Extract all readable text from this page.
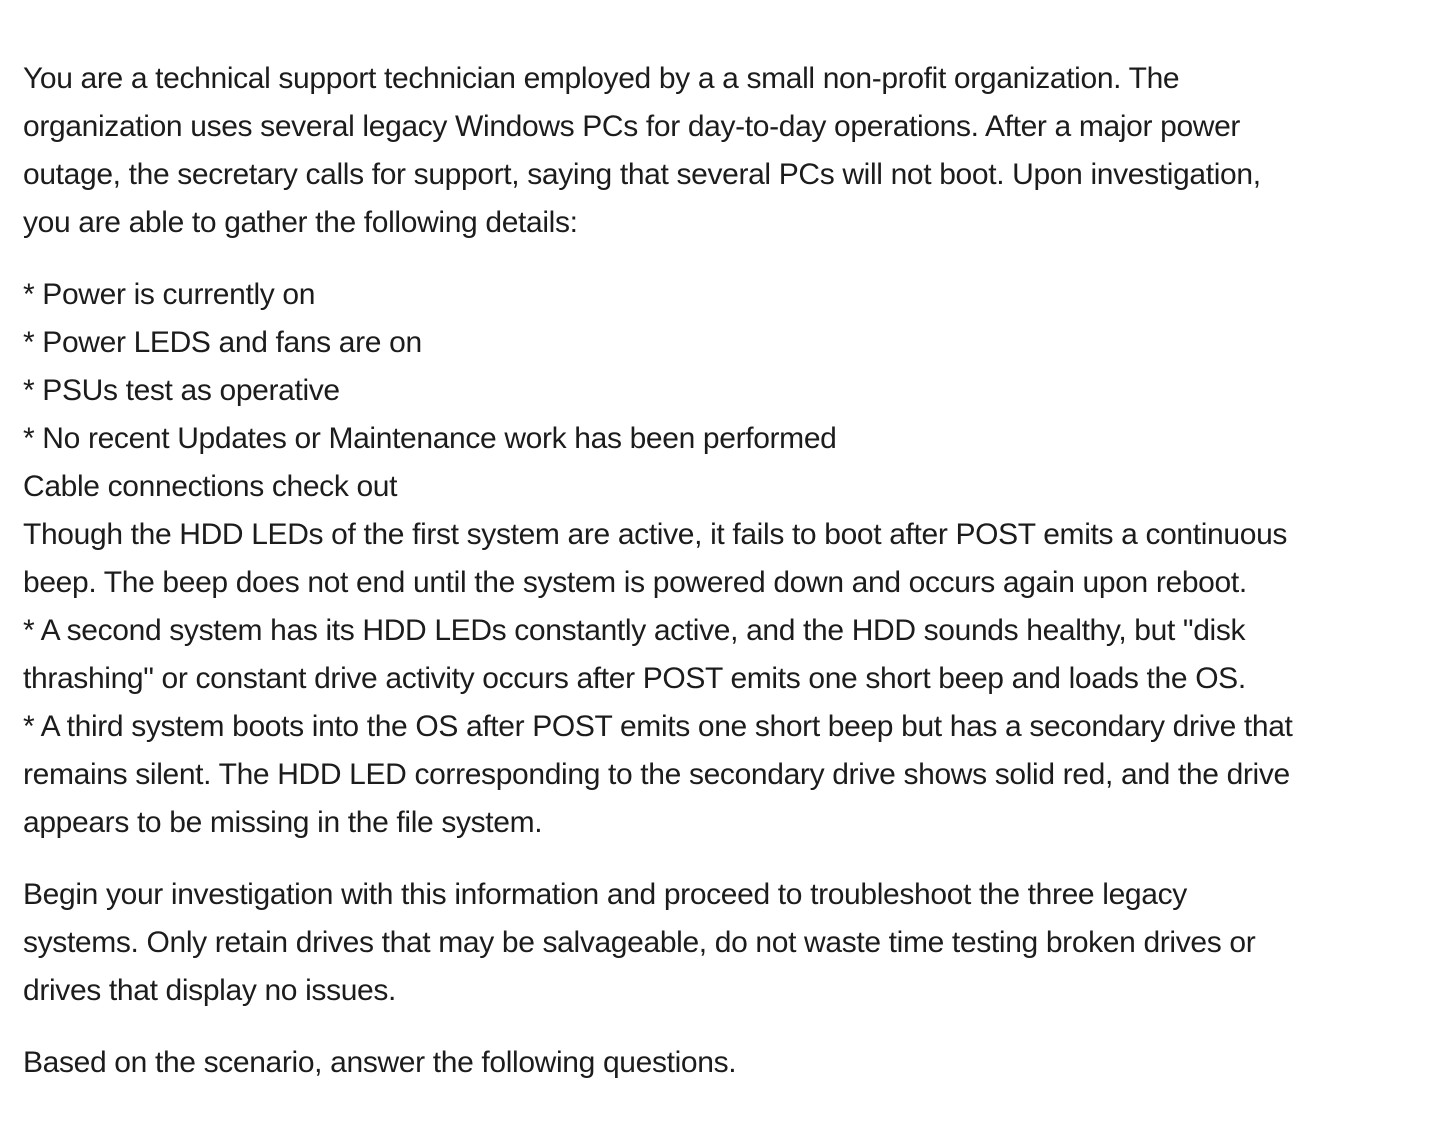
You are a technical support technician employed by a a small non-profit organization. The
organization uses several legacy Windows PCs for day-to-day operations. After a major power
outage, the secretary calls for support, saying that several PCs will not boot. Upon investigation,
you are able to gather the following details:
* Power is currently on
* Power LEDS and fans are on
* PSUs test as operative
* No recent Updates or Maintenance work has been performed
Cable connections check out
Though the HDD LEDs of the first system are active, it fails to boot after POST emits a continuous
beep. The beep does not end until the system is powered down and occurs again upon reboot.
* A second system has its HDD LEDs constantly active, and the HDD sounds healthy, but "disk
thrashing" or constant drive activity occurs after POST emits one short beep and loads the OS.
* A third system boots into the OS after POST emits one short beep but has a secondary drive that
remains silent. The HDD LED corresponding to the secondary drive shows solid red, and the drive
appears to be missing in the file system.
Begin your investigation with this information and proceed to troubleshoot the three legacy
systems. Only retain drives that may be salvageable, do not waste time testing broken drives or
drives that display no issues.
Based on the scenario, answer the following questions.
